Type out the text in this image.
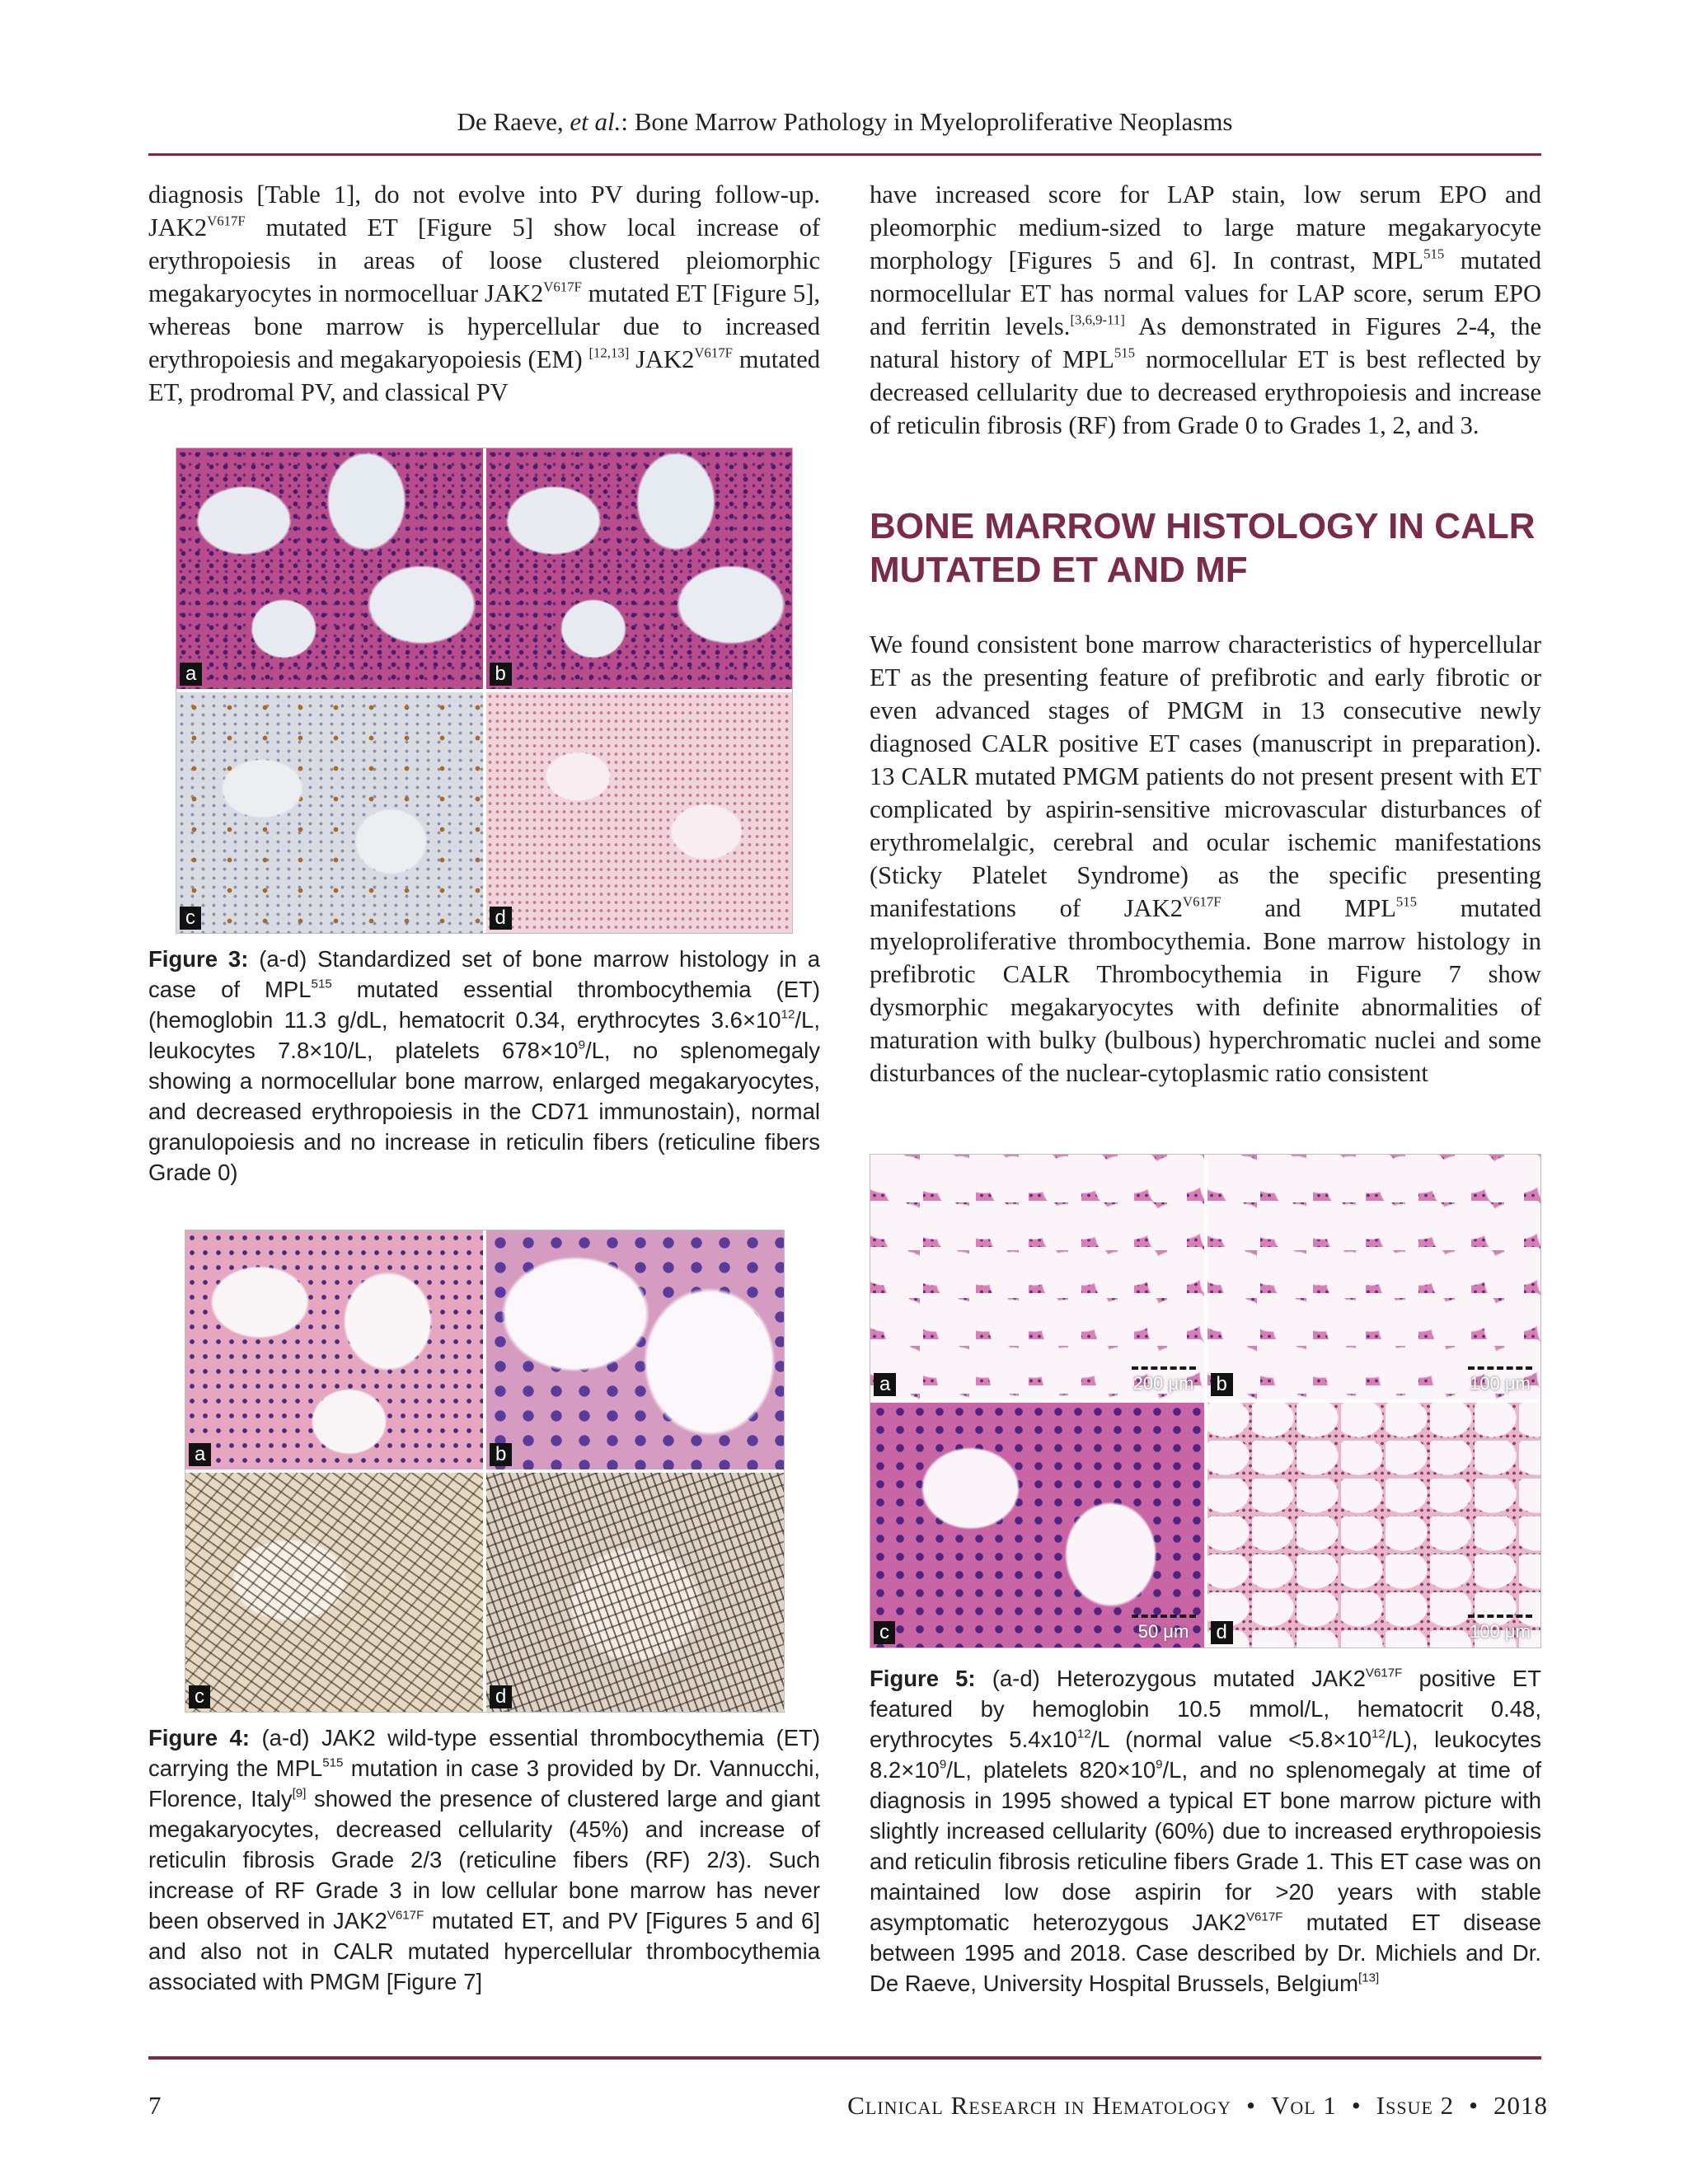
De Raeve, et al.: Bone Marrow Pathology in Myeloproliferative Neoplasms

diagnosis [Table 1], do not evolve into PV during follow-up. $JAK2^{V617F}$ mutated ET [Figure 5] show local increase of erythropoiesis in areas of loose clustered pleiomorphic megakaryocytes in normocelluar $JAK2^{V617F}$ mutated ET [Figure 5], whereas bone marrow is hypercellular due to increased erythropoiesis and megakaryopoiesis (EM) [12,13] $JAK2^{V617F}$ mutated ET, prodromal PV, and classical PV

a	b
c	d
Figure 3: (a-d) Standardized set of bone marrow histology in a case of MPL$^{515}$ mutated essential thrombocythemia (ET) (hemoglobin 11.3 g/dL, hematocrit 0.34, erythrocytes $3.6\times 10^{12}/L$, leukocytes 7.8×10/L, platelets $678\times 10^9/L$, no splenomegaly showing a normocellular bone marrow, enlarged megakaryocytes, and decreased erythropoiesis in the CD71 immunostain), normal granulopoiesis and no increase in reticulin fibers (reticuline fibers Grade 0)
a	b
c	d
Figure 4: (a-d) JAK2 wild-type essential thrombocythemia (ET) carrying the MPL$^{515}$ mutation in case 3 provided by Dr. Vannucchi, Florence, Italy[9] showed the presence of clustered large and giant megakaryocytes, decreased cellularity (45%) and increase of reticulin fibrosis Grade 2/3 (reticuline fibers (RF) 2/3). Such increase of RF Grade 3 in low cellular bone marrow has never been observed in $JAK2^{V617F}$ mutated ET, and PV [Figures 5 and 6] and also not in CALR mutated hypercellular thrombocythemia associated with PMGM [Figure 7]

have increased score for LAP stain, low serum EPO and pleomorphic medium-sized to large mature megakaryocyte morphology [Figures 5 and 6]. In contrast, MPL$^{515}$ mutated normocellular ET has normal values for LAP score, serum EPO and ferritin levels.[3,6,9-11] As demonstrated in Figures 2-4, the natural history of MPL$^{515}$ normocellular ET is best reflected by decreased cellularity due to decreased erythropoiesis and increase of reticulin fibrosis (RF) from Grade 0 to Grades 1, 2, and 3.

BONE MARROW HISTOLOGY IN CALR MUTATED ET AND MF

We found consistent bone marrow characteristics of hypercellular ET as the presenting feature of prefibrotic and early fibrotic or even advanced stages of PMGM in 13 consecutive newly diagnosed CALR positive ET cases (manuscript in preparation). 13 CALR mutated PMGM patients do not present present with ET complicated by aspirin-sensitive microvascular disturbances of erythromelalgic, cerebral and ocular ischemic manifestations (Sticky Platelet Syndrome) as the specific presenting manifestations of $JAK2^{V617F}$ and MPL$^{515}$ mutated myeloproliferative thrombocythemia. Bone marrow histology in prefibrotic CALR Thrombocythemia in Figure 7 show dysmorphic megakaryocytes with definite abnormalities of maturation with bulky (bulbous) hyperchromatic nuclei and some disturbances of the nuclear-cytoplasmic ratio consistent

a	200 μm b	100 μm
c	50 μm	d	100 μm
Figure 5: (a-d) Heterozygous mutated $JAK2^{V617F}$ positive ET featured by hemoglobin 10.5 mmol/L, hematocrit 0.48, erythrocytes $5.4x10^{12}/L$ (normal value $<5.8\times 10^{12}/L$), leukocytes $8.2\times 10^9/L$, platelets $820\times 10^9/L$, and no splenomegaly at time of diagnosis in 1995 showed a typical ET bone marrow picture with slightly increased cellularity (60%) due to increased erythropoiesis and reticulin fibrosis reticuline fibers Grade 1. This ET case was on maintained low dose aspirin for >20 years with stable asymptomatic heterozygous $JAK2^{V617F}$ mutated ET disease between 1995 and 2018. Case described by Dr. Michiels and Dr. De Raeve, University Hospital Brussels, Belgium[13]
7	Clinical Research in Hematology • Vol 1 • Issue 2 • 2018
